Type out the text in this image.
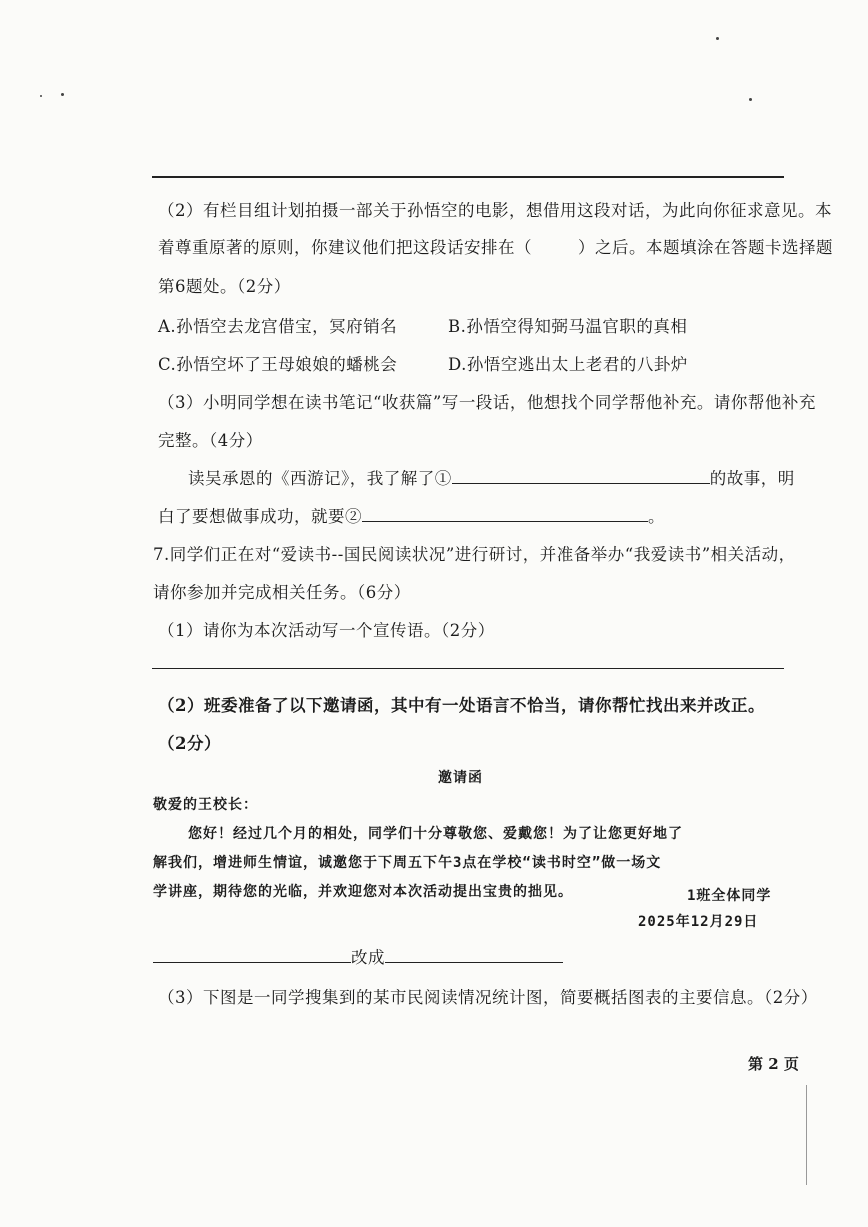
（2）有栏目组计划拍摄一部关于孙悟空的电影，想借用这段对话，为此向你征求意见。本
着尊重原著的原则，你建议他们把这段话安排在（	）之后。本题填涂在答题卡选择题
第6题处。（2分）
A.孙悟空去龙宫借宝，冥府销名	B.孙悟空得知弼马温官职的真相
C.孙悟空坏了王母娘娘的蟠桃会	D.孙悟空逃出太上老君的八卦炉
（3）小明同学想在读书笔记“收获篇”写一段话，他想找个同学帮他补充。请你帮他补充
完整。（4分）
读吴承恩的《西游记》，我了解了①	的故事，明
白了要想做事成功，就要②	。
7.同学们正在对“爱读书--国民阅读状况”进行研讨，并准备举办“我爱读书”相关活动，
请你参加并完成相关任务。（6分）
（1）请你为本次活动写一个宣传语。（2分）
（2）班委准备了以下邀请函，其中有一处语言不恰当，请你帮忙找出来并改正。
（2分）
邀请函
敬爱的王校长：
您好！经过几个月的相处，同学们十分尊敬您、爱戴您！为了让您更好地了
解我们，增进师生情谊，诚邀您于下周五下午3点在学校“读书时空”做一场文
学讲座，期待您的光临，并欢迎您对本次活动提出宝贵的拙见。	1班全体同学
2025年12月29日
改成
（3）下图是一同学搜集到的某市民阅读情况统计图，简要概括图表的主要信息。（2分）
第 2 页
